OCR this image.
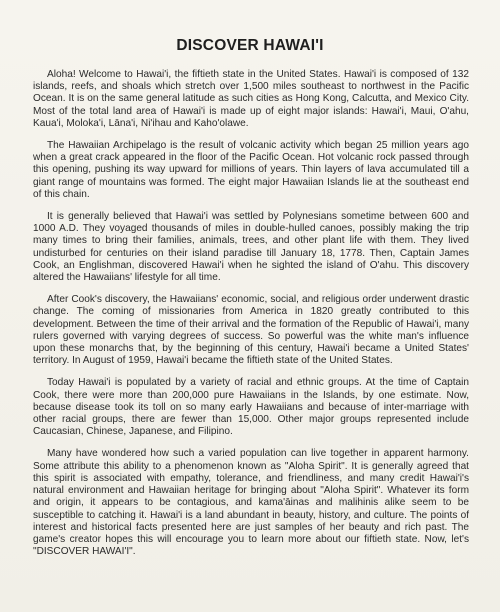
DISCOVER HAWAI'I

Aloha! Welcome to Hawai'i, the fiftieth state in the United States. Hawai'i is composed of 132 islands, reefs, and shoals which stretch over 1,500 miles southeast to northwest in the Pacific Ocean. It is on the same general latitude as such cities as Hong Kong, Calcutta, and Mexico City. Most of the total land area of Hawai'i is made up of eight major islands: Hawai'i, Maui, O'ahu, Kaua'i, Moloka'i, Lāna'i, Ni'ihau and Kaho'olawe.

The Hawaiian Archipelago is the result of volcanic activity which began 25 million years ago when a great crack appeared in the floor of the Pacific Ocean. Hot volcanic rock passed through this opening, pushing its way upward for millions of years. Thin layers of lava accumulated till a giant range of mountains was formed. The eight major Hawaiian Islands lie at the southeast end of this chain.

It is generally believed that Hawai'i was settled by Polynesians sometime between 600 and 1000 A.D. They voyaged thousands of miles in double-hulled canoes, possibly making the trip many times to bring their families, animals, trees, and other plant life with them. They lived undisturbed for centuries on their island paradise till January 18, 1778. Then, Captain James Cook, an Englishman, discovered Hawai'i when he sighted the island of O'ahu. This discovery altered the Hawaiians' lifestyle for all time.

After Cook's discovery, the Hawaiians' economic, social, and religious order underwent drastic change. The coming of missionaries from America in 1820 greatly contributed to this development. Between the time of their arrival and the formation of the Republic of Hawai'i, many rulers governed with varying degrees of success. So powerful was the white man's influence upon these monarchs that, by the beginning of this century, Hawai'i became a United States' territory. In August of 1959, Hawai'i became the fiftieth state of the United States.

Today Hawai'i is populated by a variety of racial and ethnic groups. At the time of Captain Cook, there were more than 200,000 pure Hawaiians in the Islands, by one estimate. Now, because disease took its toll on so many early Hawaiians and because of inter-marriage with other racial groups, there are fewer than 15,000. Other major groups represented include Caucasian, Chinese, Japanese, and Filipino.

Many have wondered how such a varied population can live together in apparent harmony. Some attribute this ability to a phenomenon known as "Aloha Spirit". It is generally agreed that this spirit is associated with empathy, tolerance, and friendliness, and many credit Hawai'i's natural environment and Hawaiian heritage for bringing about "Aloha Spirit". Whatever its form and origin, it appears to be contagious, and kama'āinas and malihinis alike seem to be susceptible to catching it. Hawai'i is a land abundant in beauty, history, and culture. The points of interest and historical facts presented here are just samples of her beauty and rich past. The game's creator hopes this will encourage you to learn more about our fiftieth state. Now, let's "DISCOVER HAWAI'I".
